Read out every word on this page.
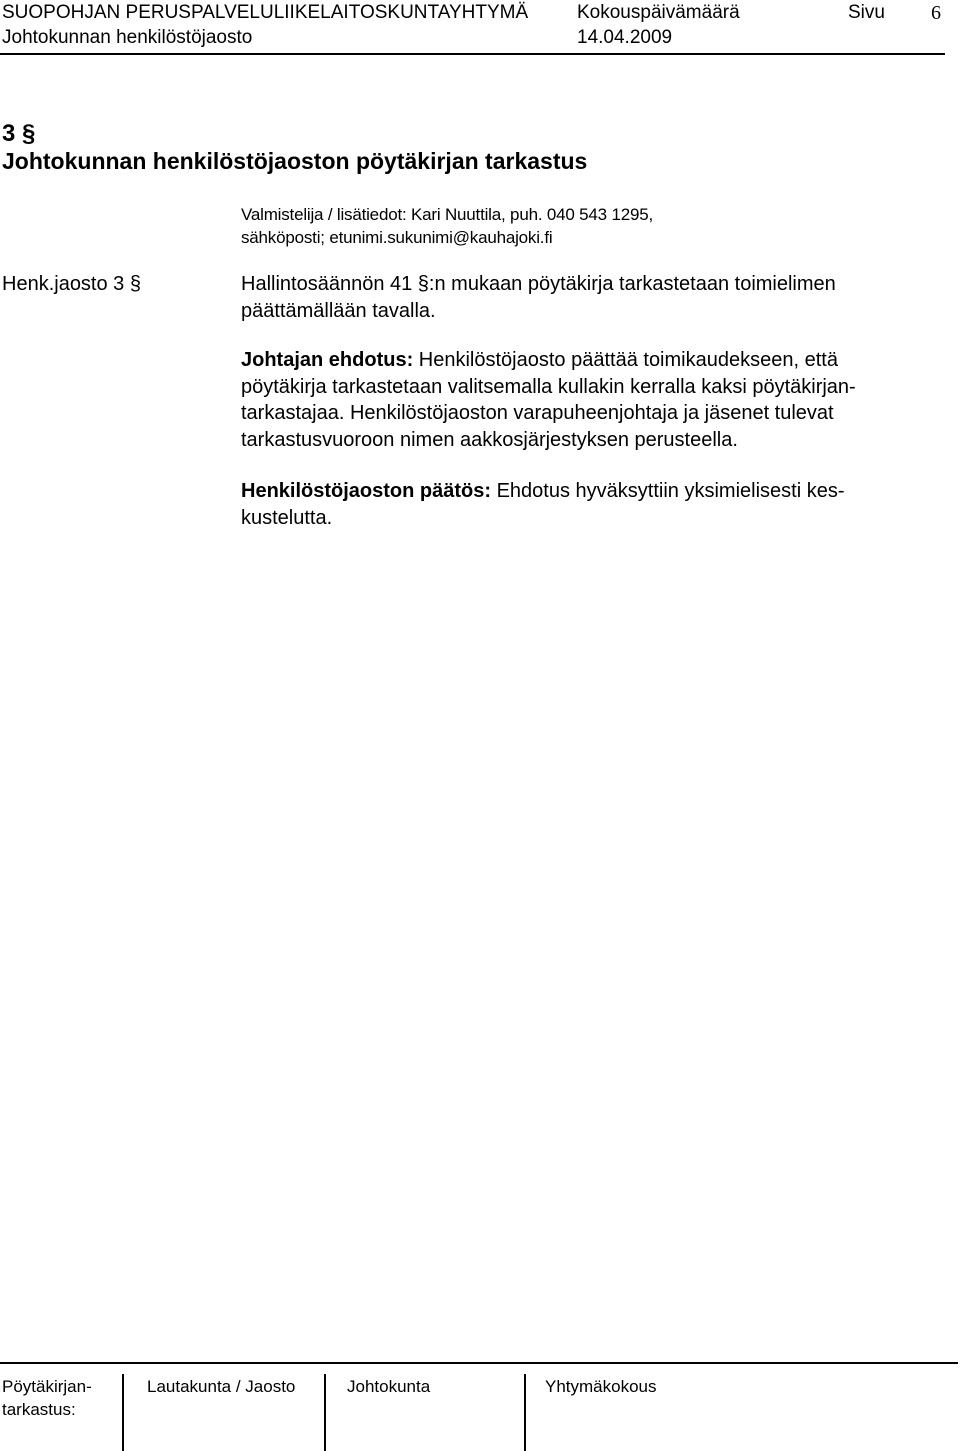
SUOPOHJAN PERUSPALVELULIIKELAITOSKUNTAYHTYMÄ	Kokouspäivämäärä	Sivu 6
Johtokunnan henkilöstöjaosto	14.04.2009
3 §
Johtokunnan henkilöstöjaoston pöytäkirjan tarkastus
Valmistelija / lisätiedot: Kari Nuuttila, puh. 040 543 1295,
sähköposti; etunimi.sukunimi@kauhajoki.fi
Henk.jaosto 3 §	Hallintosäännön 41 §:n mukaan pöytäkirja tarkastetaan toimielimen
päättämällään tavalla.
Johtajan ehdotus: Henkilöstöjaosto päättää toimikaudekseen, että
pöytäkirja tarkastetaan valitsemalla kullakin kerralla kaksi pöytäkirjan-
tarkastajaa. Henkilöstöjaoston varapuheenjohtaja ja jäsenet tulevat
tarkastusvuoroon nimen aakkosjärjestyksen perusteella.
Henkilöstöjaoston päätös: Ehdotus hyväksyttiin yksimielisesti kes-
kustelutta.
Pöytäkirjan-
tarkastus:
Lautakunta / Jaosto	Johtokunta	Yhtymäkokous
